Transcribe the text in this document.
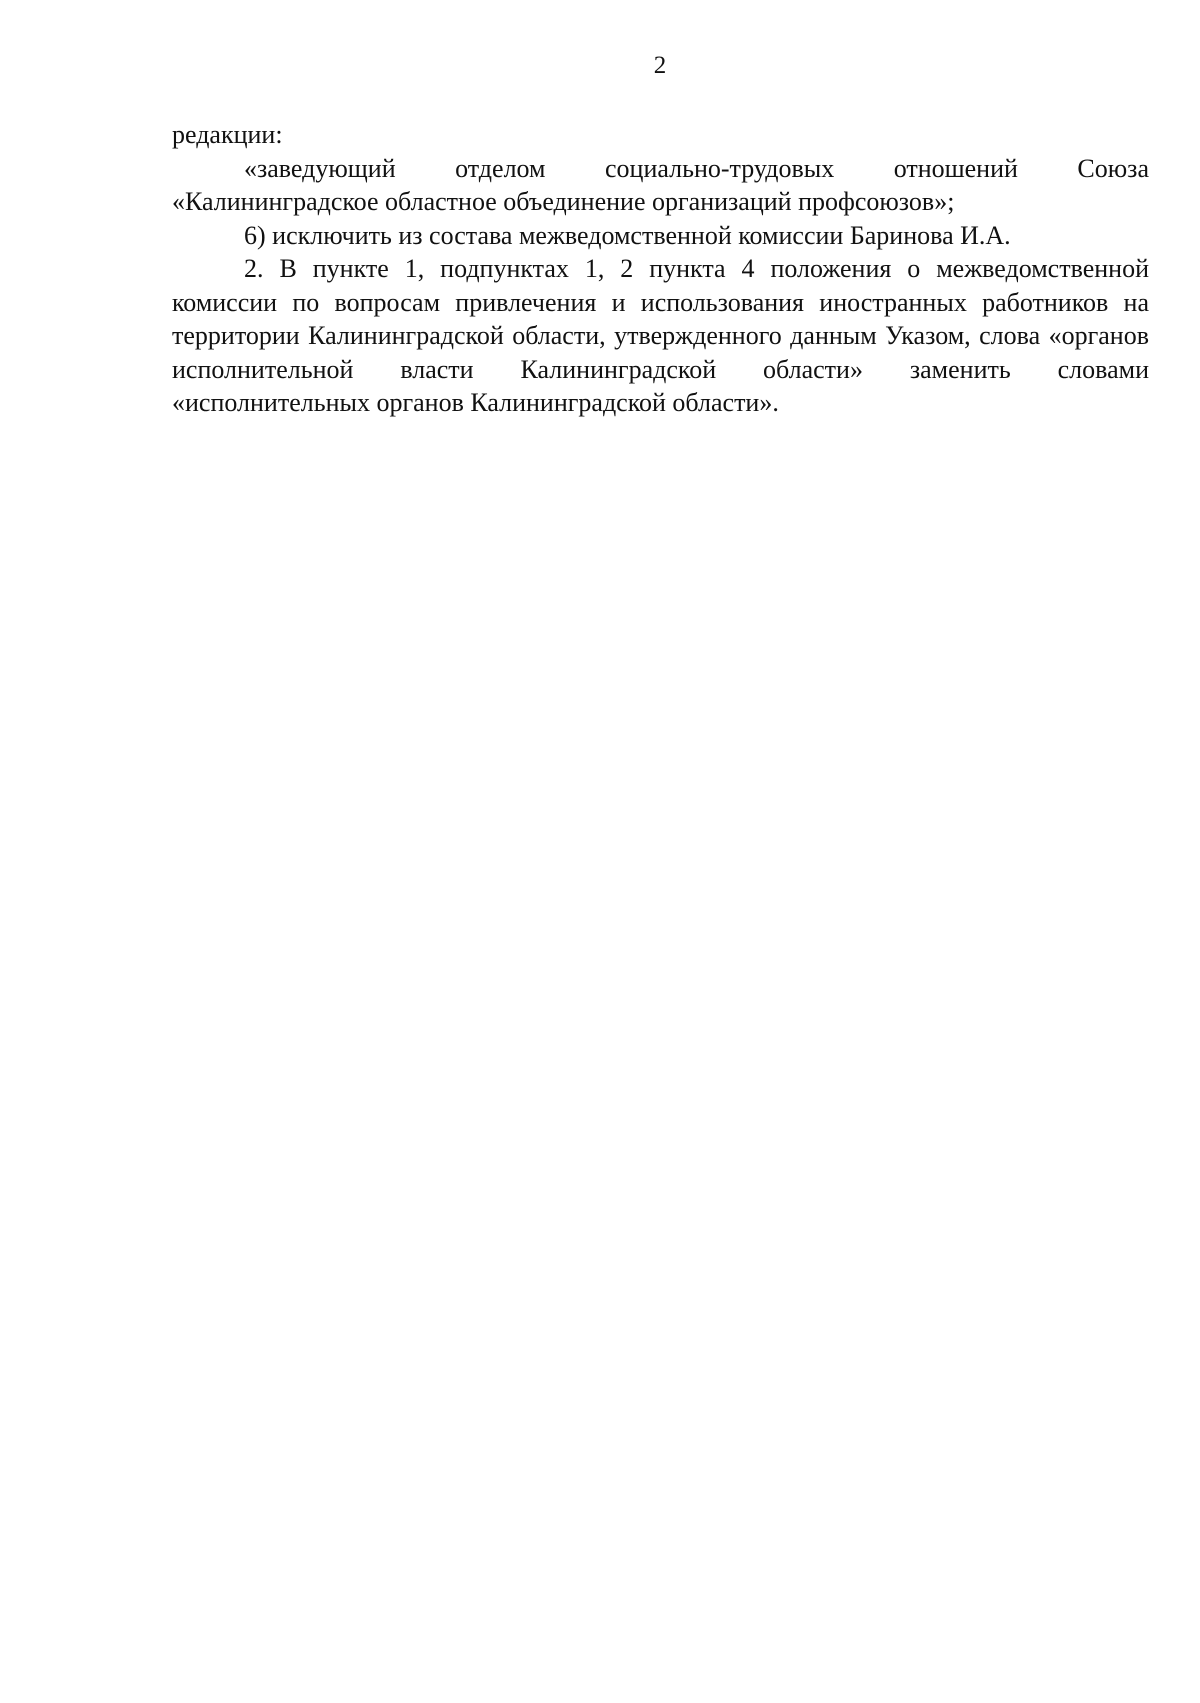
2

редакции:

«заведующий отделом социально-трудовых отношений Союза

«Калининградское областное объединение организаций профсоюзов»;

6) исключить из состава межведомственной комиссии Баринова И.А.

2. В пункте 1, подпунктах 1, 2 пункта 4 положения о межведомственной комиссии по вопросам привлечения и использования иностранных работников на территории Калининградской области, утвержденного данным Указом, слова «органов исполнительной власти Калининградской области» заменить словами «исполнительных органов Калининградской области».
